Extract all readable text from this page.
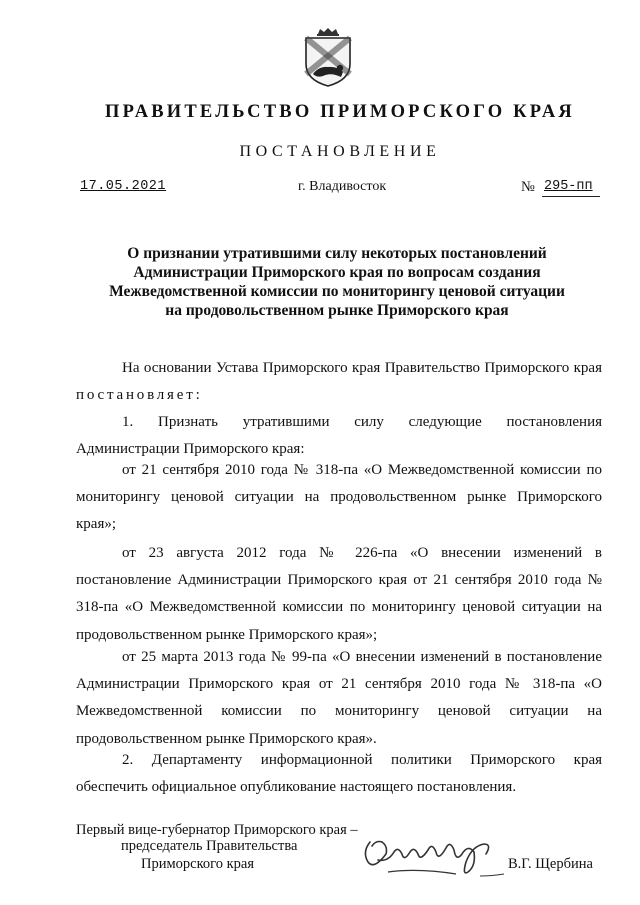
ПРАВИТЕЛЬСТВО ПРИМОРСКОГО КРАЯ
ПОСТАНОВЛЕНИЕ
17.05.2021	г. Владивосток	№ 295-пп
О признании утратившими силу некоторых постановлений Администрации Приморского края по вопросам создания Межведомственной комиссии по мониторингу ценовой ситуации на продовольственном рынке Приморского края
На основании Устава Приморского края Правительство Приморского края постановляет:
1. Признать утратившими силу следующие постановления Администрации Приморского края:
от 21 сентября 2010 года № 318-па «О Межведомственной комиссии по мониторингу ценовой ситуации на продовольственном рынке Приморского края»;
от 23 августа 2012 года № 226-па «О внесении изменений в постановление Администрации Приморского края от 21 сентября 2010 года № 318-па «О Межведомственной комиссии по мониторингу ценовой ситуации на продовольственном рынке Приморского края»;
от 25 марта 2013 года № 99-па «О внесении изменений в постановление Администрации Приморского края от 21 сентября 2010 года № 318-па «О Межведомственной комиссии по мониторингу ценовой ситуации на продовольственном рынке Приморского края».
2. Департаменту информационной политики Приморского края обеспечить официальное опубликование настоящего постановления.
Первый вице-губернатор Приморского края –
председатель Правительства
Приморского края	В.Г. Щербина
